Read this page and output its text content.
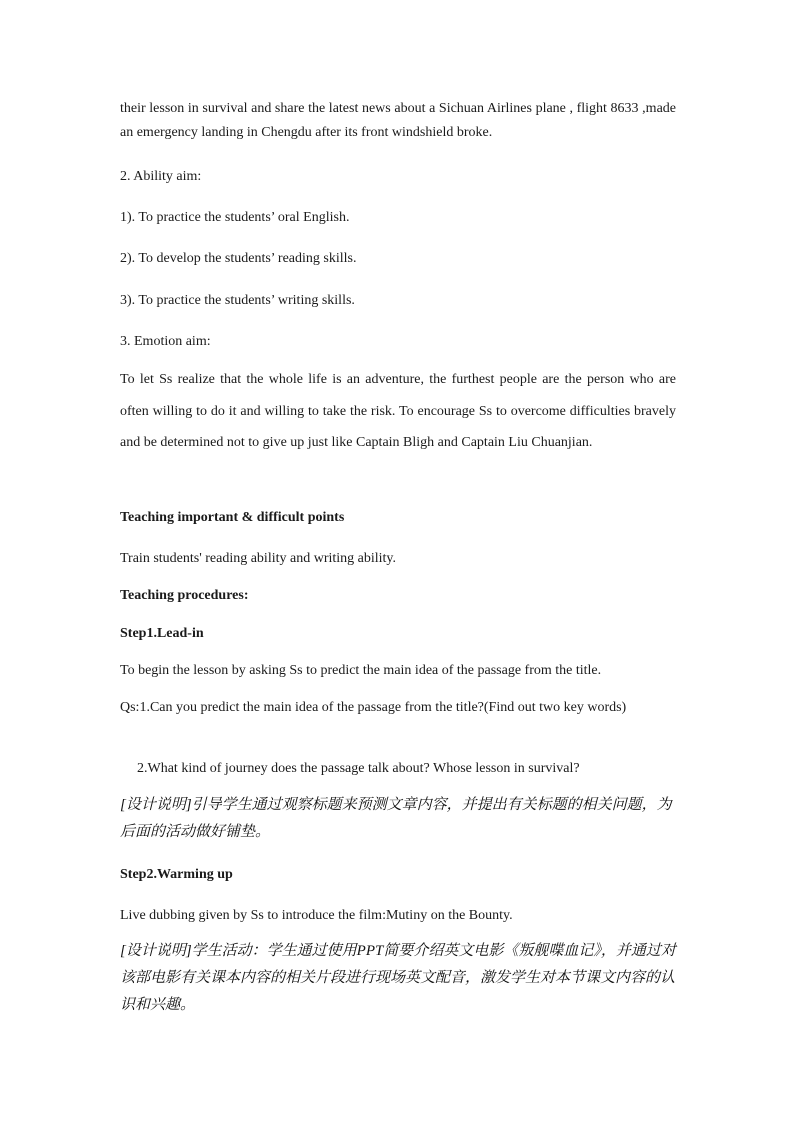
their lesson in survival and share the latest news about a Sichuan Airlines plane , flight 8633 ,made an emergency landing in Chengdu after its front windshield broke.

2. Ability aim:

1). To practice the students’ oral English.

2). To develop the students’ reading skills.

3). To practice the students’ writing skills.

3. Emotion aim:

To let Ss realize that the whole life is an adventure, the furthest people are the person who are often willing to do it and willing to take the risk. To encourage Ss to overcome difficulties bravely and be determined not to give up just like Captain Bligh and Captain Liu Chuanjian.

Teaching important & difficult points

Train students' reading ability and writing ability.

Teaching procedures:

Step1.Lead-in

To begin the lesson by asking Ss to predict the main idea of the passage from the title.

Qs:1.Can you predict the main idea of the passage from the title?(Find out two key words)

2.What kind of journey does the passage talk about? Whose lesson in survival?

[设计说明]引导学生通过观察标题来预测文章内容，并提出有关标题的相关问题，为后面的活动做好铺垫。

Step2.Warming up

Live dubbing given by Ss to introduce the film:Mutiny on the Bounty.

[设计说明]学生活动：学生通过使用PPT简要介绍英文电影《叛舰喋血记》，并通过对该部电影有关课本内容的相关片段进行现场英文配音，激发学生对本节课文内容的认识和兴趣。
